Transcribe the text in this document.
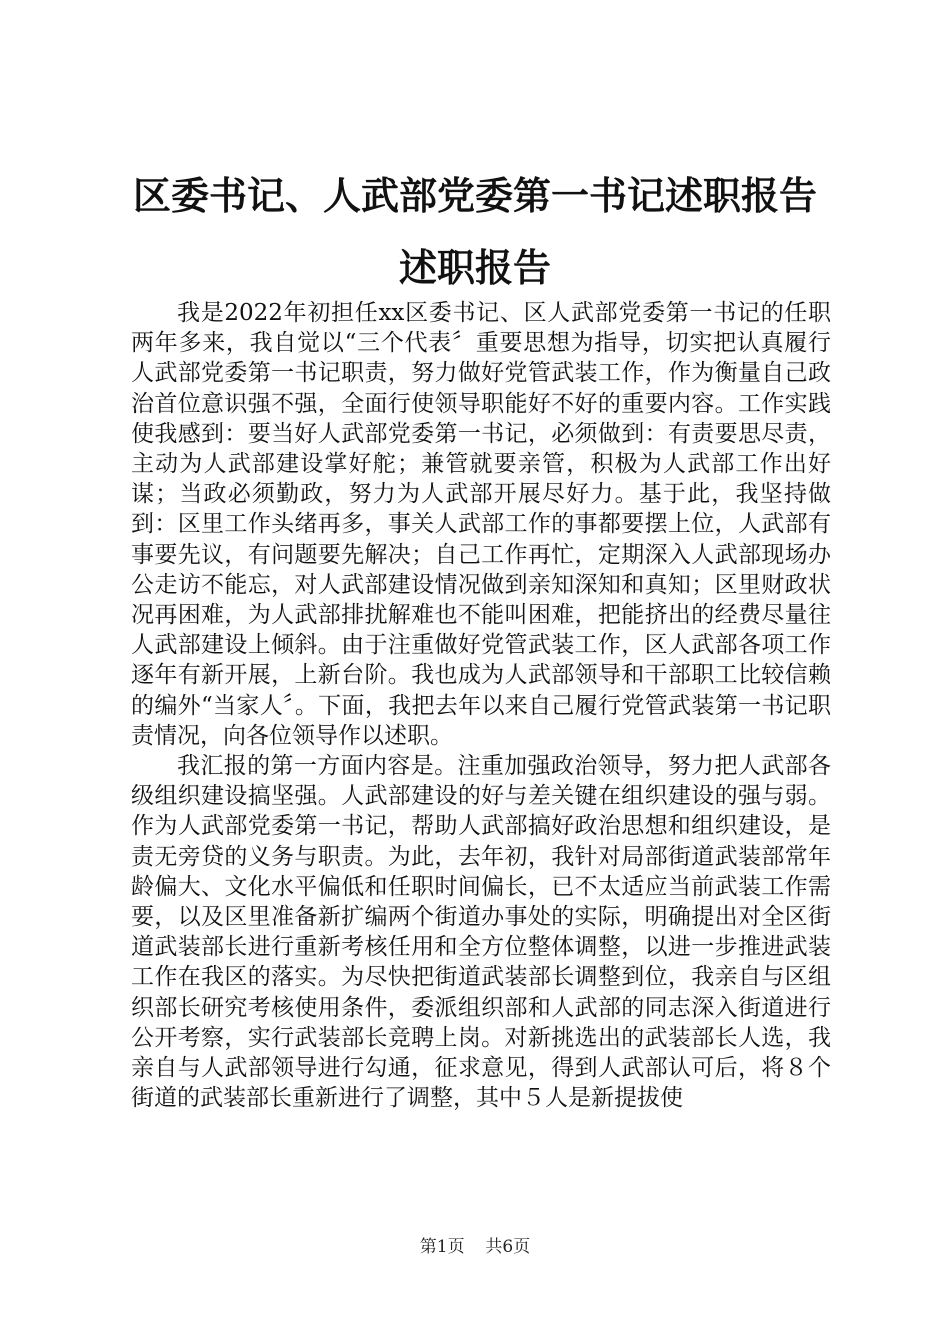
区委书记、人武部党委第一书记述职报告述职报告

我是2022年初担任xx区委书记、区人武部党委第一书记的任职两年多来，我自觉以“三个代表〞重要思想为指导，切实把认真履行人武部党委第一书记职责，努力做好党管武装工作，作为衡量自己政治首位意识强不强，全面行使领导职能好不好的重要内容。工作实践使我感到：要当好人武部党委第一书记，必须做到：有责要思尽责，主动为人武部建设掌好舵；兼管就要亲管，积极为人武部工作出好谋；当政必须勤政，努力为人武部开展尽好力。基于此，我坚持做到：区里工作头绪再多，事关人武部工作的事都要摆上位，人武部有事要先议，有问题要先解决；自己工作再忙，定期深入人武部现场办公走访不能忘，对人武部建设情况做到亲知深知和真知；区里财政状况再困难，为人武部排扰解难也不能叫困难，把能挤出的经费尽量往人武部建设上倾斜。由于注重做好党管武装工作，区人武部各项工作逐年有新开展，上新台阶。我也成为人武部领导和干部职工比较信赖的编外“当家人〞。下面，我把去年以来自己履行党管武装第一书记职责情况，向各位领导作以述职。

我汇报的第一方面内容是。注重加强政治领导，努力把人武部各级组织建设搞坚强。人武部建设的好与差关键在组织建设的强与弱。作为人武部党委第一书记，帮助人武部搞好政治思想和组织建设，是责无旁贷的义务与职责。为此，去年初，我针对局部街道武装部常年龄偏大、文化水平偏低和任职时间偏长，已不太适应当前武装工作需要，以及区里准备新扩编两个街道办事处的实际，明确提出对全区街道武装部长进行重新考核任用和全方位整体调整，以进一步推进武装工作在我区的落实。为尽快把街道武装部长调整到位，我亲自与区组织部长研究考核使用条件，委派组织部和人武部的同志深入街道进行公开考察，实行武装部长竞聘上岗。对新挑选出的武装部长人选，我亲自与人武部领导进行勾通，征求意见，得到人武部认可后，将８个街道的武装部长重新进行了调整，其中５人是新提拔使

第1页 共6页
